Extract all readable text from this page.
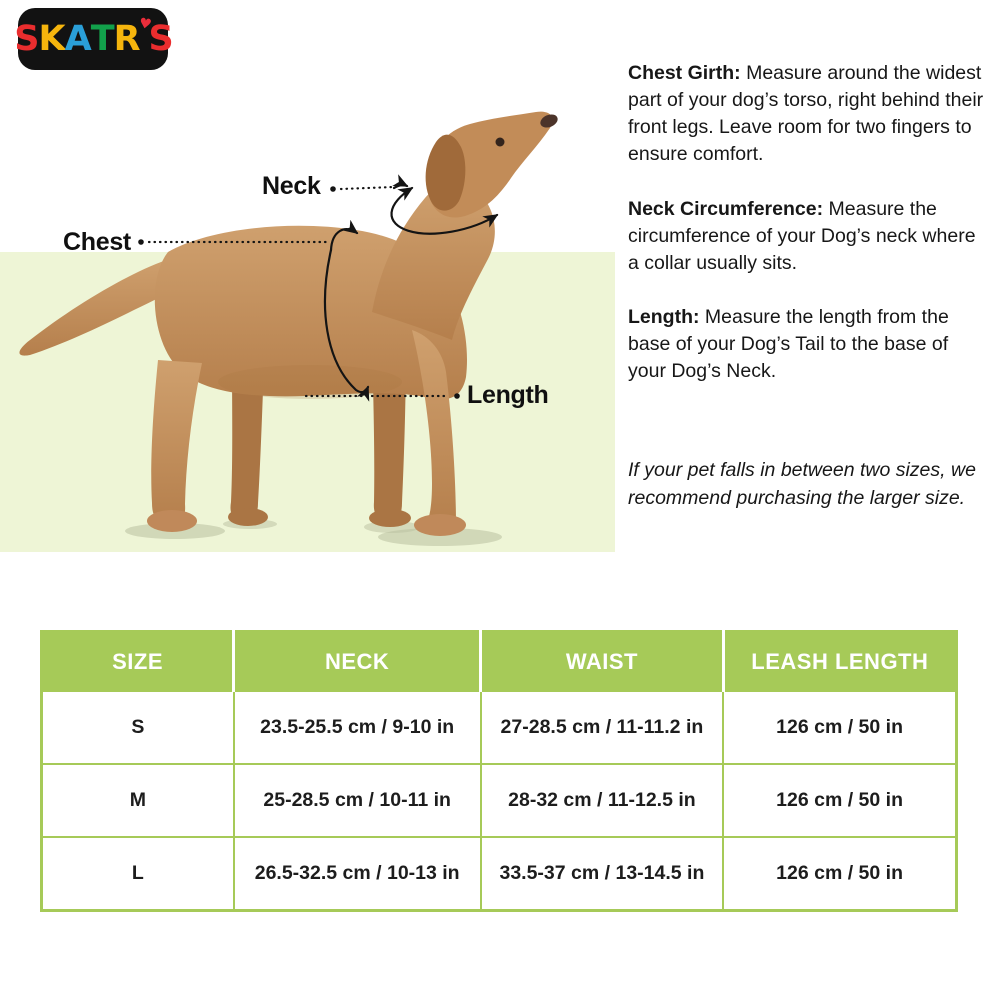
S K A T R ♥
S
Neck
Chest
Length
Chest Girth: Measure around the widest part of your dog’s torso, right behind their front legs. Leave room for two fingers to ensure comfort.
Neck Circumference: Measure the circumference of your Dog’s neck where a collar usually sits.
Length: Measure the length from the base of your Dog’s Tail to the base of your Dog’s Neck.
If your pet falls in between two sizes, we recommend purchasing the larger size.
SIZE	NECK	WAIST	LEASH LENGTH
S	23.5-25.5 cm / 9-10 in	27-28.5 cm / 11-11.2 in	126 cm / 50 in
M	25-28.5 cm / 10-11 in	28-32 cm / 11-12.5 in	126 cm / 50 in
L	26.5-32.5 cm / 10-13 in	33.5-37 cm / 13-14.5 in	126 cm / 50 in
